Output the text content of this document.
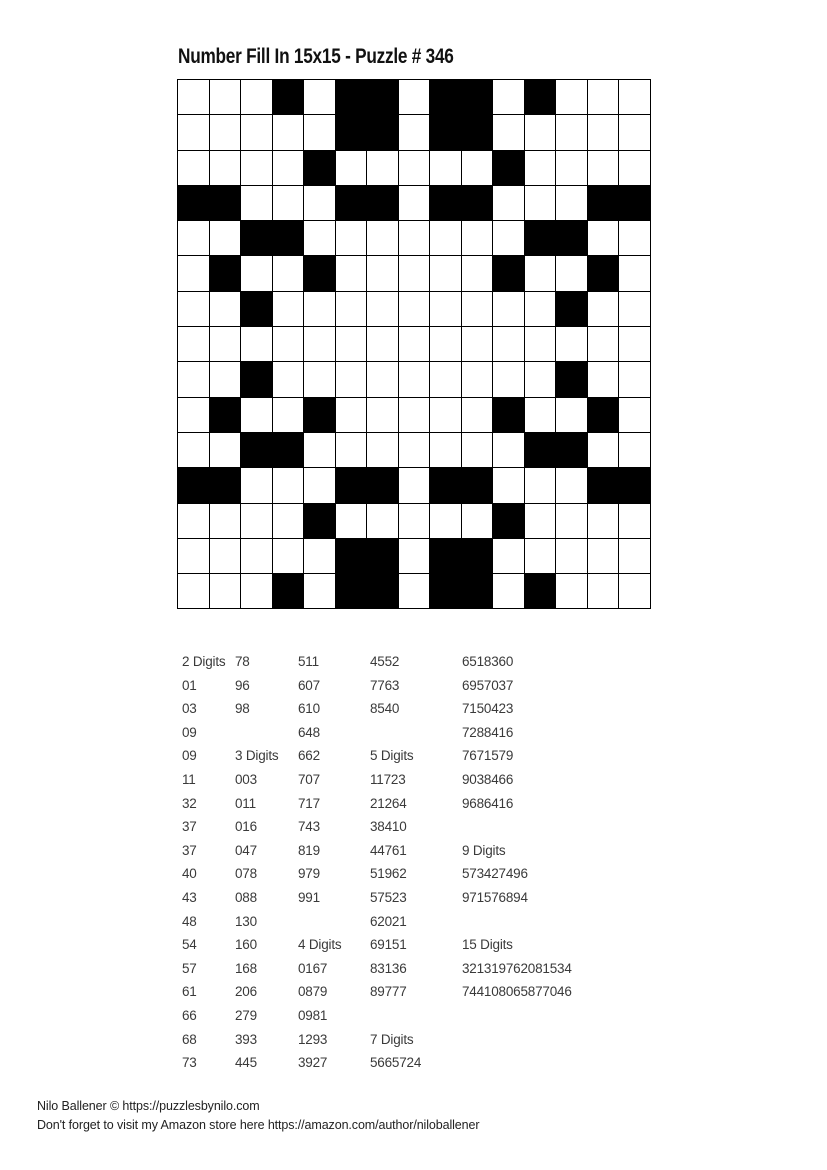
Number Fill In 15x15 - Puzzle # 346
2 Digits
01
03
09
09
11
32
37
37
40
43
48
54
57
61
66
68
73
78
96
98

3 Digits
003
011
016
047
078
088
130
160
168
206
279
393
445
511
607
610
648
662
707
717
743
819
979
991

4 Digits
0167
0879
0981
1293
3927
4552
7763
8540

5 Digits
11723
21264
38410
44761
51962
57523
62021
69151
83136
89777

7 Digits
5665724
6518360
6957037
7150423
7288416
7671579
9038466
9686416

9 Digits
573427496
971576894

15 Digits
321319762081534
744108065877046
Nilo Ballener © https://puzzlesbynilo.com
Don't forget to visit my Amazon store here https://amazon.com/author/niloballener
